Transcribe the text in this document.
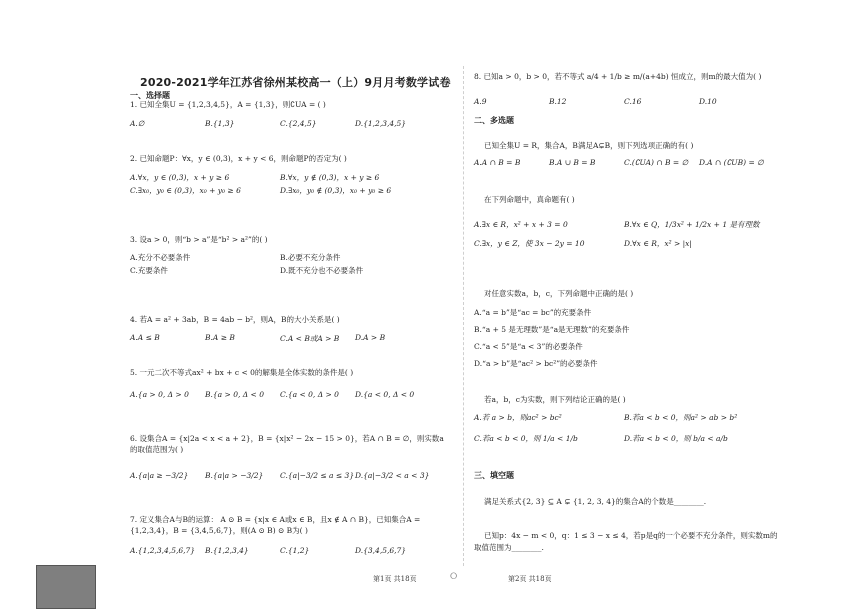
2020-2021学年江苏省徐州某校高一（上）9月月考数学试卷
一、选择题
1. 已知全集U = {1,2,3,4,5}，A = {1,3}，则∁UA = ( )
A.∅	B.{1,3}	C.{2,4,5}	D.{1,2,3,4,5}
2. 已知命题P：∀x，y ∈ (0,3)，x + y < 6，则命题P的否定为( )
A.∀x，y ∈ (0,3)，x + y ≥ 6	B.∀x，y ∉ (0,3)，x + y ≥ 6
C.∃x₀，y₀ ∈ (0,3)，x₀ + y₀ ≥ 6	D.∃x₀，y₀ ∉ (0,3)，x₀ + y₀ ≥ 6
3. 设a > 0，则“b > a”是“b² > a²”的( )
A.充分不必要条件	B.必要不充分条件
C.充要条件	D.既不充分也不必要条件
4. 若A = a² + 3ab，B = 4ab − b²，则A，B的大小关系是( )
A.A ≤ B	B.A ≥ B	C.A < B或A > B D.A > B
5. 一元二次不等式ax² + bx + c < 0的解集是全体实数的条件是( )
A.{a > 0, Δ > 0 B.{a > 0, Δ < 0 C.{a < 0, Δ > 0 D.{a < 0, Δ < 0
6. 设集合A = {x|2a < x < a + 2}，B = {x|x² − 2x − 15 > 0}，若A ∩ B = ∅，则实数a
的取值范围为( )
A.{a|a ≥ −3/2} B.{a|a > −3/2} C.{a|−3/2 ≤ a ≤ 3} D.{a|−3/2 < a < 3}
7. 定义集合A与B的运算： A ⊙ B = {x|x ∈ A或x ∈ B，且x ∉ A ∩ B}，已知集合A =
{1,2,3,4}，B = {3,4,5,6,7}，则(A ⊙ B) ⊙ B为( )
A.{1,2,3,4,5,6,7} B.{1,2,3,4}	C.{1,2}	D.{3,4,5,6,7}
8. 已知a > 0，b > 0，若不等式 a/4 + 1/b ≥ m/(a+4b) 恒成立，则m的最大值为( )
A.9	B.12	C.16	D.10
二、多选题
已知全集U = R，集合A，B满足A⊊B，则下列选项正确的有( )
A.A ∩ B = B	B.A ∪ B = B	C.(∁UA) ∩ B = ∅ D.A ∩ (∁UB) = ∅
在下列命题中，真命题有( )
A.∃x ∈ R，x² + x + 3 = 0	B.∀x ∈ Q，1/3x² + 1/2x + 1 是有理数
C.∃x，y ∈ Z，使 3x − 2y = 10	D.∀x ∈ R，x² > |x|
对任意实数a，b，c，下列命题中正确的是( )
A.“a = b”是“ac = bc”的充要条件
B.“a + 5 是无理数”是“a是无理数”的充要条件
C.“a < 5”是“a < 3”的必要条件
D.“a > b”是“ac² > bc²”的必要条件
若a，b，c为实数，则下列结论正确的是( )
A.若 a > b，则ac² > bc²	B.若a < b < 0，则a² > ab > b²
C.若a < b < 0，则 1/a < 1/b	D.若a < b < 0，则 b/a < a/b
三、填空题
满足关系式{2, 3} ⊆ A ⊊ {1, 2, 3, 4}的集合A的个数是________.
已知p：4x − m < 0，q：1 ≤ 3 − x ≤ 4，若p是q的一个必要不充分条件，则实数m的
取值范围为________.
第1页 共18页	⭘	第2页 共18页
